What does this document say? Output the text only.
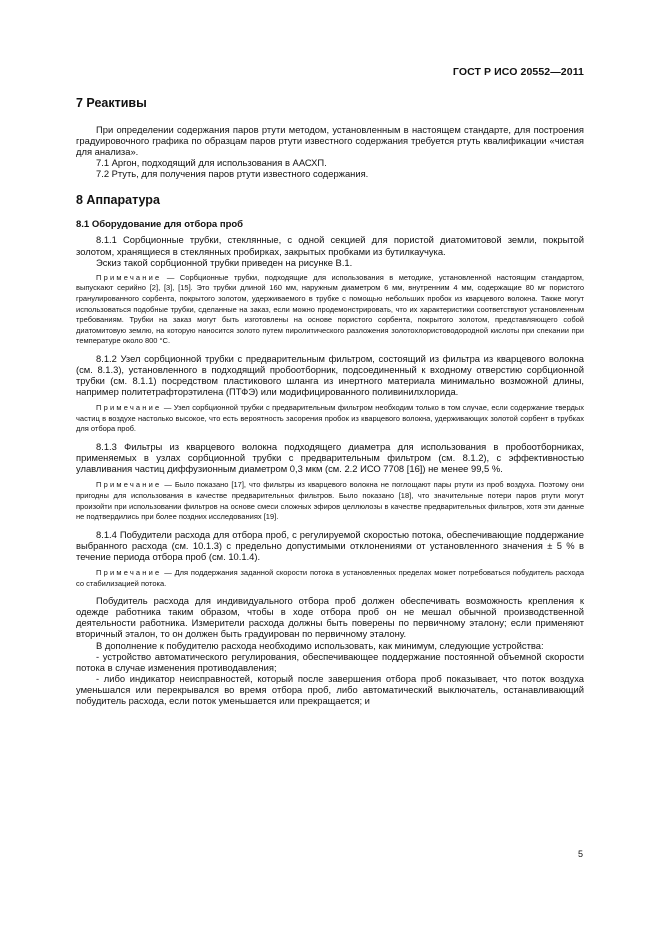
ГОСТ Р ИСО 20552—2011
7 Реактивы

При определении содержания паров ртути методом, установленным в настоящем стандарте, для построения градуировочного графика по образцам паров ртути известного содержания требуется ртуть квалификации «чистая для анализа».

7.1 Аргон, подходящий для использования в ААСХП.

7.2 Ртуть, для получения паров ртути известного содержания.

8 Аппаратура
8.1 Оборудование для отбора проб

8.1.1 Сорбционные трубки, стеклянные, с одной секцией для пористой диатомитовой земли, покрытой золотом, хранящиеся в стеклянных пробирках, закрытых пробками из бутилкаучука.

Эскиз такой сорбционной трубки приведен на рисунке В.1.

Примечание — Сорбционные трубки, подходящие для использования в методике, установленной настоящим стандартом, выпускают серийно [2], [3], [15]. Это трубки длиной 160 мм, наружным диаметром 6 мм, внутренним 4 мм, содержащие 80 мг пористого гранулированного сорбента, покрытого золотом, удерживаемого в трубке с помощью небольших пробок из кварцевого волокна. Также могут использоваться подобные трубки, сделанные на заказ, если можно продемонстрировать, что их характеристики соответствуют установленным требованиям. Трубки на заказ могут быть изготовлены на основе пористого сорбента, покрытого золотом, представляющего собой диатомитовую землю, на которую наносится золото путем пиролитического разложения золотохлористоводородной кислоты при спекании при температуре около 800 °С.

8.1.2 Узел сорбционной трубки с предварительным фильтром, состоящий из фильтра из кварцевого волокна (см. 8.1.3), установленного в подходящий пробоотборник, подсоединенный к входному отверстию сорбционной трубки (см. 8.1.1) посредством пластикового шланга из инертного материала минимально возможной длины, например политетрафторэтилена (ПТФЭ) или модифицированного поливинилхлорида.

Примечание — Узел сорбционной трубки с предварительным фильтром необходим только в том случае, если содержание твердых частиц в воздухе настолько высокое, что есть вероятность засорения пробок из кварцевого волокна, удерживающих золотой сорбент в трубках для отбора проб.

8.1.3 Фильтры из кварцевого волокна подходящего диаметра для использования в пробоотборниках, применяемых в узлах сорбционной трубки с предварительным фильтром (см. 8.1.2), с эффективностью улавливания частиц диффузионным диаметром 0,3 мкм (см. 2.2 ИСО 7708 [16]) не менее 99,5 %.

Примечание — Было показано [17], что фильтры из кварцевого волокна не поглощают пары ртути из проб воздуха. Поэтому они пригодны для использования в качестве предварительных фильтров. Было показано [18], что значительные потери паров ртути могут произойти при использовании фильтров на основе смеси сложных эфиров целлюлозы в качестве предварительных фильтров, хотя эти данные не подтвердились при более поздних исследованиях [19].

8.1.4 Побудители расхода для отбора проб, с регулируемой скоростью потока, обеспечивающие поддержание выбранного расхода (см. 10.1.3) с предельно допустимыми отклонениями от установленного значения ± 5 % в течение периода отбора проб (см. 10.1.4).

Примечание — Для поддержания заданной скорости потока в установленных пределах может потребоваться побудитель расхода со стабилизацией потока.

Побудитель расхода для индивидуального отбора проб должен обеспечивать возможность крепления к одежде работника таким образом, чтобы в ходе отбора проб он не мешал обычной производственной деятельности работника. Измерители расхода должны быть поверены по первичному эталону; если применяют вторичный эталон, то он должен быть градуирован по первичному эталону.

В дополнение к побудителю расхода необходимо использовать, как минимум, следующие устройства:

- устройство автоматического регулирования, обеспечивающее поддержание постоянной объемной скорости потока в случае изменения противодавления;

- либо индикатор неисправностей, который после завершения отбора проб показывает, что поток воздуха уменьшался или перекрывался во время отбора проб, либо автоматический выключатель, останавливающий побудитель расхода, если поток уменьшается или прекращается; и

5
